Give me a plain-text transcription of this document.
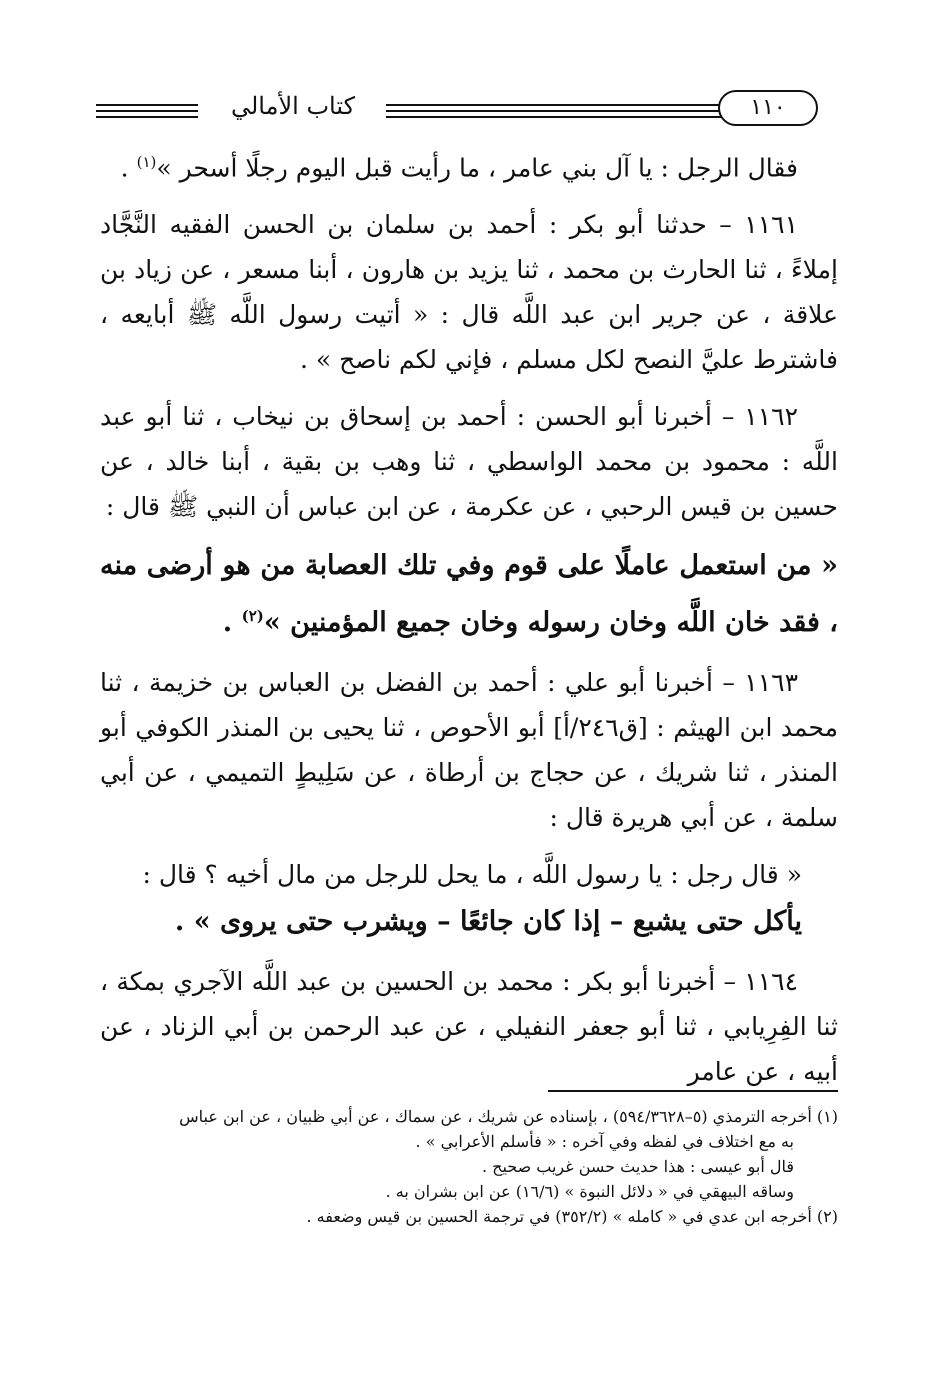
كتاب الأمالي	١١٠

فقال الرجل : يا آل بني عامر ، ما رأيت قبل اليوم رجلًا أسحر »$^{(١)}$ .

١١٦١ – حدثنا أبو بكر : أحمد بن سلمان بن الحسن الفقيه النَّجَّاد إملاءً ، ثنا الحارث بن محمد ، ثنا يزيد بن هارون ، أبنا مسعر ، عن زياد بن علاقة ، عن جرير ابن عبد اللَّه قال : « أتيت رسول اللَّه ﷺ أبايعه ، فاشترط عليَّ النصح لكل مسلم ، فإني لكم ناصح » .

١١٦٢ – أخبرنا أبو الحسن : أحمد بن إسحاق بن نيخاب ، ثنا أبو عبد اللَّه : محمود بن محمد الواسطي ، ثنا وهب بن بقية ، أبنا خالد ، عن حسين بن قيس الرحبي ، عن عكرمة ، عن ابن عباس أن النبي ﷺ قال :

« من استعمل عاملًا على قوم وفي تلك العصابة من هو أرضى منه ، فقد خان اللَّه وخان رسوله وخان جميع المؤمنين »$^{(٢)}$ .

١١٦٣ – أخبرنا أبو علي : أحمد بن الفضل بن العباس بن خزيمة ، ثنا محمد ابن الهيثم : [ق٢٤٦/أ] أبو الأحوص ، ثنا يحيى بن المنذر الكوفي أبو المنذر ، ثنا شريك ، عن حجاج بن أرطاة ، عن سَلِيطٍ التميمي ، عن أبي سلمة ، عن أبي هريرة قال :

« قال رجل : يا رسول اللَّه ، ما يحل للرجل من مال أخيه ؟ قال :

يأكل حتى يشبع – إذا كان جائعًا – ويشرب حتى يروى » .

١١٦٤ – أخبرنا أبو بكر : محمد بن الحسين بن عبد اللَّه الآجري بمكة ، ثنا الفِرِيابي ، ثنا أبو جعفر النفيلي ، عن عبد الرحمن بن أبي الزناد ، عن أبيه ، عن عامر

(١) أخرجه الترمذي (٥–٥٩٤/٣٦٢٨) ، بإسناده عن شريك ، عن سماك ، عن أبي ظبيان ، عن ابن عباس

به مع اختلاف في لفظه وفي آخره : « فأسلم الأعرابي » .

قال أبو عيسى : هذا حديث حسن غريب صحيح .

وساقه البيهقي في « دلائل النبوة » (١٦/٦) عن ابن بشران به .

(٢) أخرجه ابن عدي في « كامله » (٣٥٢/٢) في ترجمة الحسين بن قيس وضعفه .
